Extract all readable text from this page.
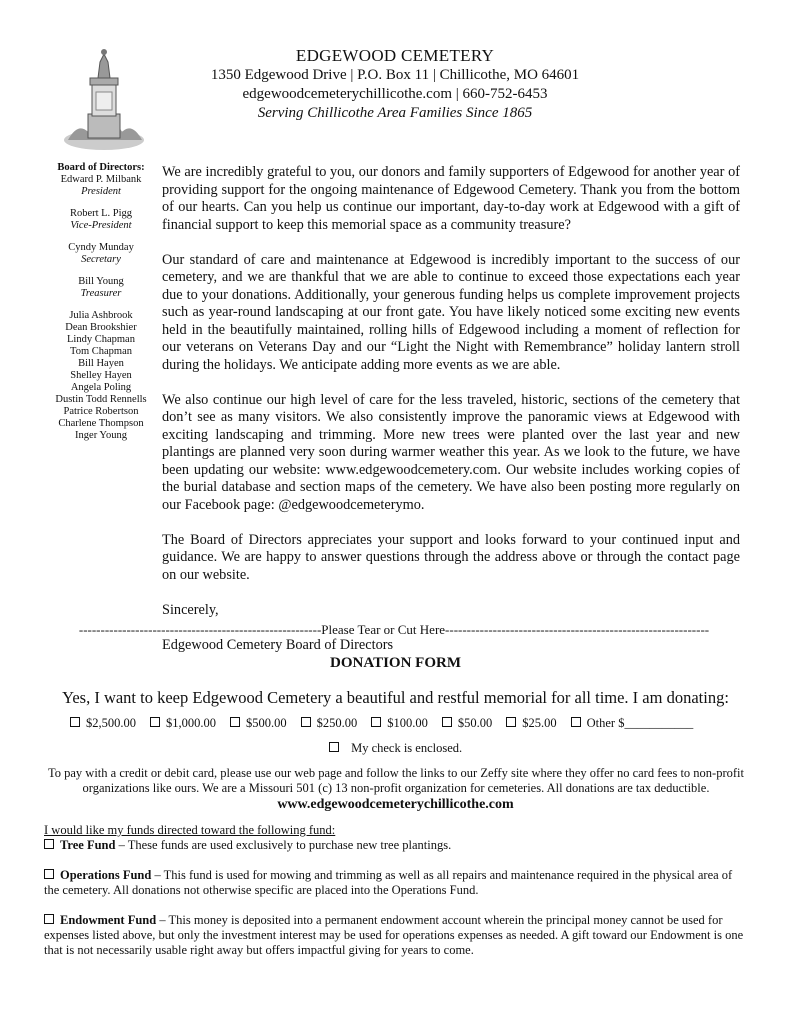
EDGEWOOD CEMETERY
1350 Edgewood Drive | P.O. Box 11 | Chillicothe, MO 64601
edgewoodcemeterychillicothe.com | 660-752-6453
Serving Chillicothe Area Families Since 1865
Board of Directors:
Edward P. Milbank
President
Robert L. Pigg
Vice-President
Cyndy Munday
Secretary
Bill Young
Treasurer
Julia Ashbrook
Dean Brookshier
Lindy Chapman
Tom Chapman
Bill Hayen
Shelley Hayen
Angela Poling
Dustin Todd Rennells
Patrice Robertson
Charlene Thompson
Inger Young

We are incredibly grateful to you, our donors and family supporters of Edgewood for another year of providing support for the ongoing maintenance of Edgewood Cemetery. Thank you from the bottom of our hearts. Can you help us continue our important, day-to-day work at Edgewood with a gift of financial support to keep this memorial space as a community treasure?

Our standard of care and maintenance at Edgewood is incredibly important to the success of our cemetery, and we are thankful that we are able to continue to exceed those expectations each year due to your donations. Additionally, your generous funding helps us complete improvement projects such as year-round landscaping at our front gate. You have likely noticed some exciting new events held in the beautifully maintained, rolling hills of Edgewood including a moment of reflection for our veterans on Veterans Day and our “Light the Night with Remembrance” holiday lantern stroll during the holidays. We anticipate adding more events as we are able.

We also continue our high level of care for the less traveled, historic, sections of the cemetery that don’t see as many visitors. We also consistently improve the panoramic views at Edgewood with exciting landscaping and trimming. More new trees were planted over the last year and new plantings are planned very soon during warmer weather this year. As we look to the future, we have been updating our website: www.edgewoodcemetery.com. Our website includes working copies of the burial database and section maps of the cemetery. We have also been posting more regularly on our Facebook page: @edgewoodcemeterymo.

The Board of Directors appreciates your support and looks forward to your continued input and guidance. We are happy to answer questions through the address above or through the contact page on our website.

Sincerely,

Edgewood Cemetery Board of Directors

--------------------------------------------------------Please Tear or Cut Here-------------------------------------------------------------
DONATION FORM
Yes, I want to keep Edgewood Cemetery a beautiful and restful memorial for all time. I am donating:
$2,500.00	$1,000.00	$500.00	$250.00	$100.00	$50.00	$25.00	Other $___________
My check is enclosed.
To pay with a credit or debit card, please use our web page and follow the links to our Zeffy site where they offer no card fees to non-profit organizations like ours. We are a Missouri 501 (c) 13 non-profit organization for cemeteries. All donations are tax deductible.
www.edgewoodcemeterychillicothe.com
I would like my funds directed toward the following fund:

Tree Fund – These funds are used exclusively to purchase new tree plantings.

Operations Fund – This fund is used for mowing and trimming as well as all repairs and maintenance required in the physical area of the cemetery. All donations not otherwise specific are placed into the Operations Fund.

Endowment Fund – This money is deposited into a permanent endowment account wherein the principal money cannot be used for expenses listed above, but only the investment interest may be used for operations expenses as needed. A gift toward our Endowment is one that is not necessarily usable right away but offers impactful giving for years to come.
